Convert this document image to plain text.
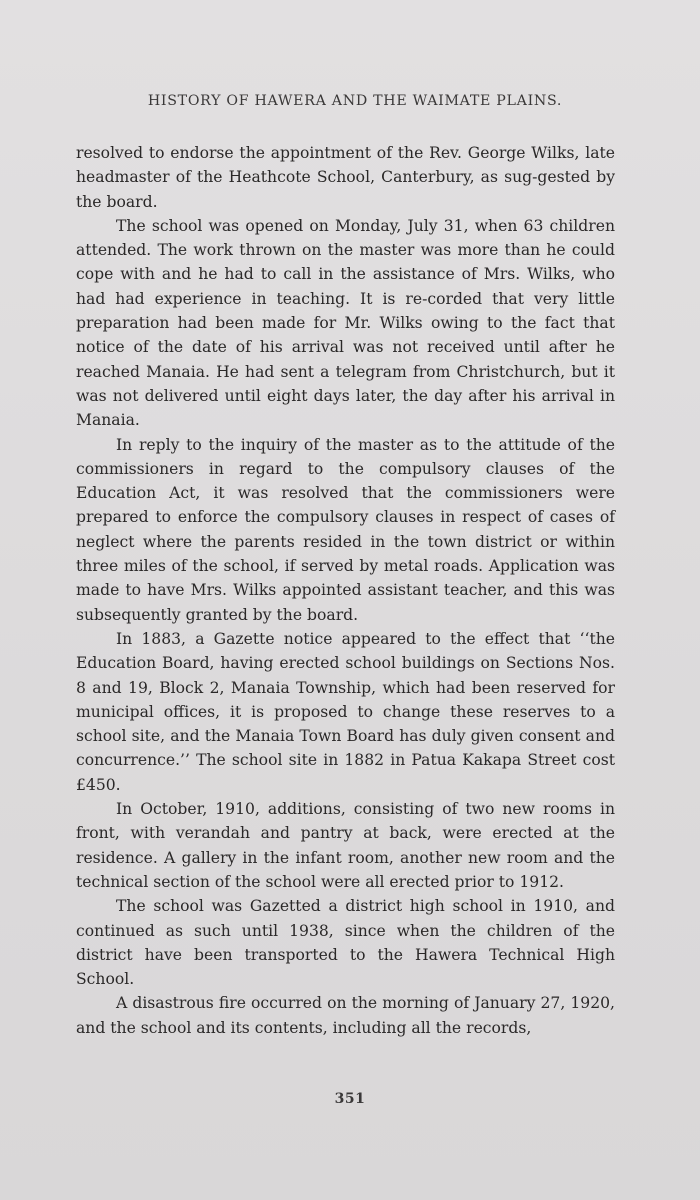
HISTORY OF HAWERA AND THE WAIMATE PLAINS.

resolved to endorse the appointment of the Rev. George Wilks, late headmaster of the Heathcote School, Canterbury, as sug-gested by the board.

The school was opened on Monday, July 31, when 63 children attended. The work thrown on the master was more than he could cope with and he had to call in the assistance of Mrs. Wilks, who had had experience in teaching. It is re-corded that very little preparation had been made for Mr. Wilks owing to the fact that notice of the date of his arrival was not received until after he reached Manaia. He had sent a telegram from Christchurch, but it was not delivered until eight days later, the day after his arrival in Manaia.

In reply to the inquiry of the master as to the attitude of the commissioners in regard to the compulsory clauses of the Education Act, it was resolved that the commissioners were prepared to enforce the compulsory clauses in respect of cases of neglect where the parents resided in the town district or within three miles of the school, if served by metal roads. Application was made to have Mrs. Wilks appointed assistant teacher, and this was subsequently granted by the board.

In 1883, a Gazette notice appeared to the effect that ‘‘the Education Board, having erected school buildings on Sections Nos. 8 and 19, Block 2, Manaia Township, which had been reserved for municipal offices, it is proposed to change these reserves to a school site, and the Manaia Town Board has duly given consent and concurrence.’’ The school site in 1882 in Patua Kakapa Street cost £450.

In October, 1910, additions, consisting of two new rooms in front, with verandah and pantry at back, were erected at the residence. A gallery in the infant room, another new room and the technical section of the school were all erected prior to 1912.

The school was Gazetted a district high school in 1910, and continued as such until 1938, since when the children of the district have been transported to the Hawera Technical High School.

A disastrous fire occurred on the morning of January 27, 1920, and the school and its contents, including all the records,

351
